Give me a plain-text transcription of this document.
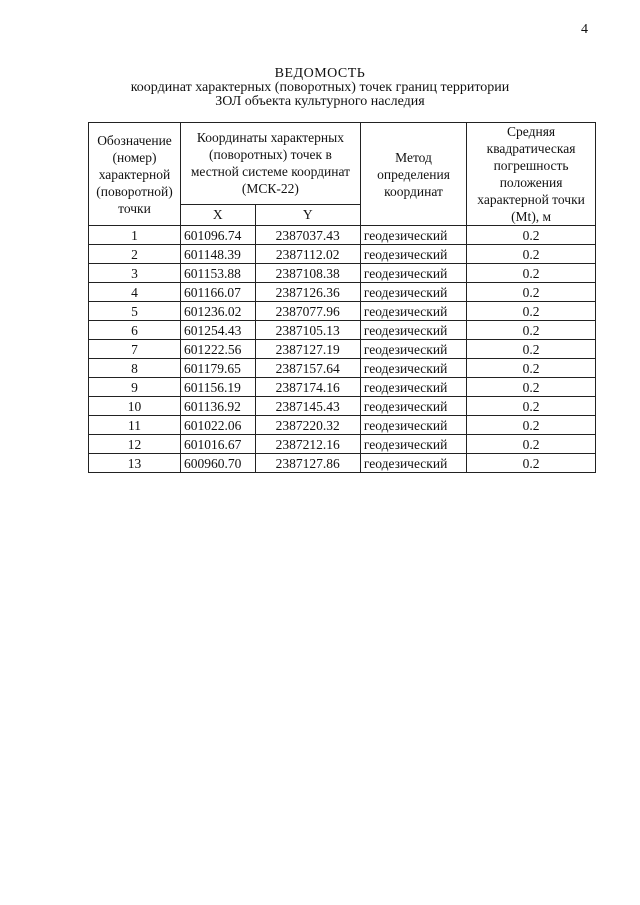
4
ВЕДОМОСТЬ
координат характерных (поворотных) точек границ территории
ЗОЛ объекта культурного наследия
Обозначение (номер) характерной (поворотной) точки	Координаты характерных (поворотных) точек в местной системе координат (МСК-22)		Метод определения координат	Средняя квадратическая погрешность положения характерной точки (Mt), м
	X	Y		
1	601096.74	2387037.43	геодезический	0.2
2	601148.39	2387112.02	геодезический	0.2
3	601153.88	2387108.38	геодезический	0.2
4	601166.07	2387126.36	геодезический	0.2
5	601236.02	2387077.96	геодезический	0.2
6	601254.43	2387105.13	геодезический	0.2
7	601222.56	2387127.19	геодезический	0.2
8	601179.65	2387157.64	геодезический	0.2
9	601156.19	2387174.16	геодезический	0.2
10	601136.92	2387145.43	геодезический	0.2
11	601022.06	2387220.32	геодезический	0.2
12	601016.67	2387212.16	геодезический	0.2
13	600960.70	2387127.86	геодезический	0.2
